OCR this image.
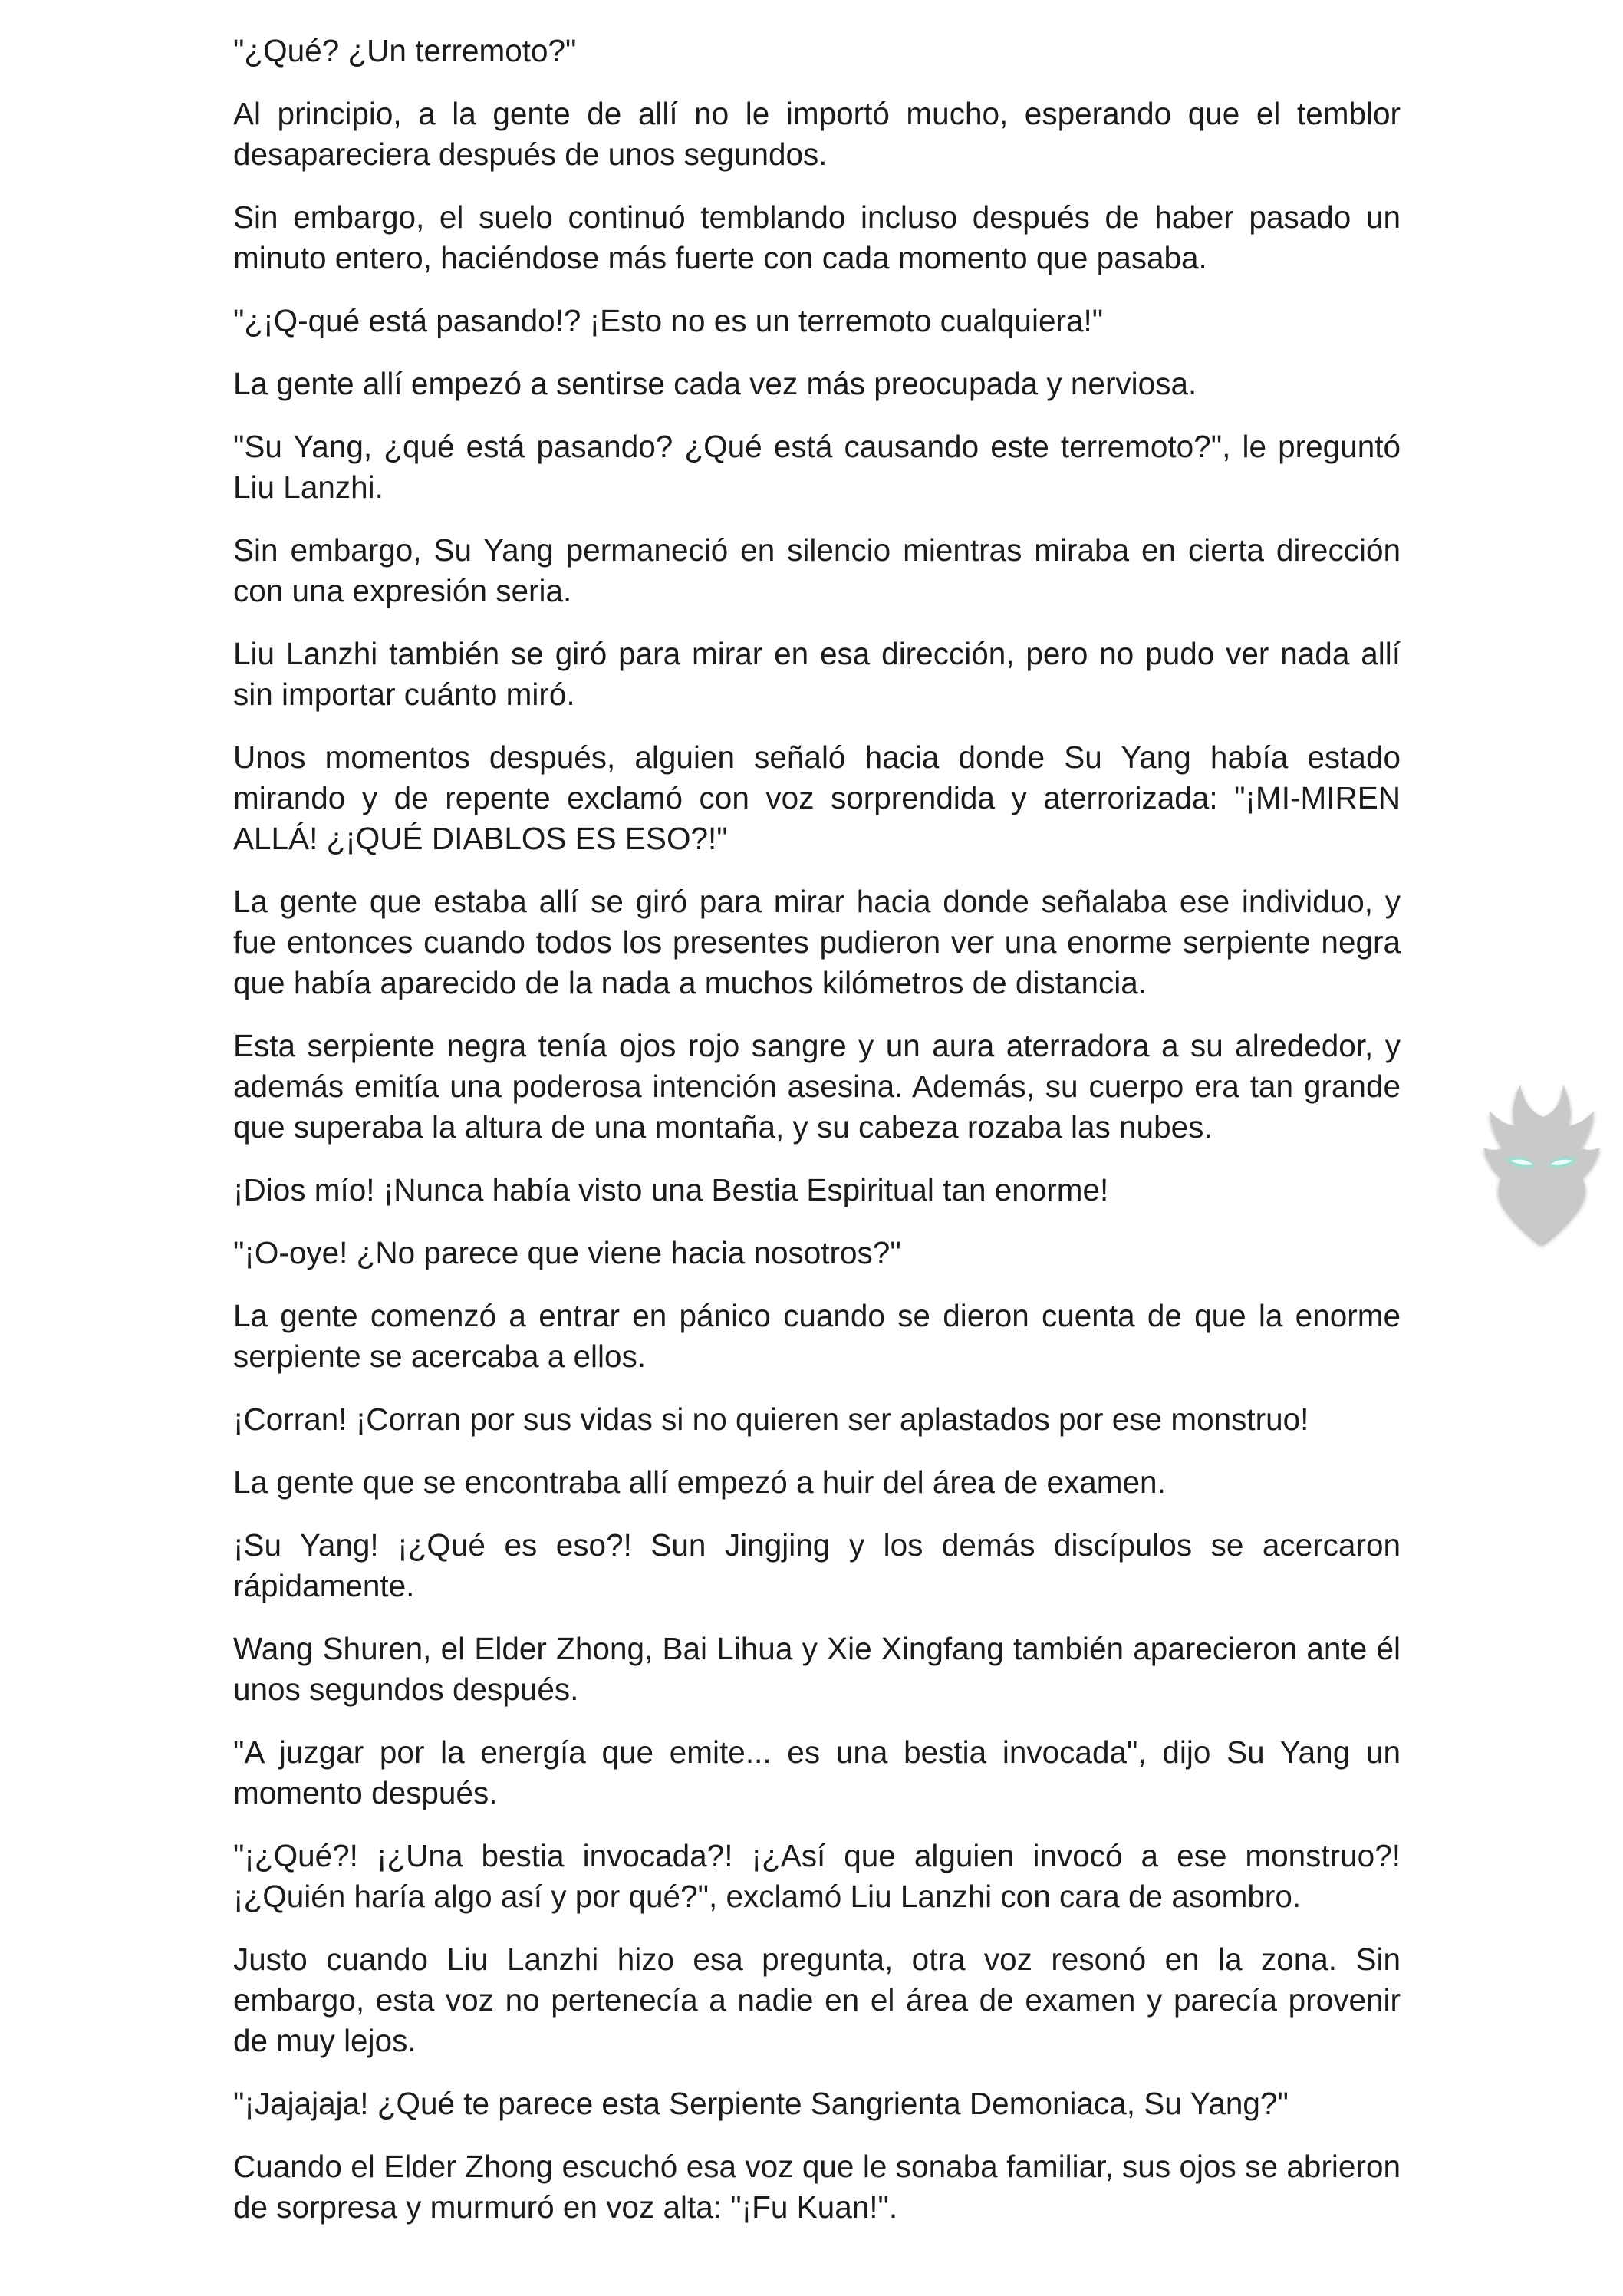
"¿Qué? ¿Un terremoto?"

Al principio, a la gente de allí no le importó mucho, esperando que el temblor desapareciera después de unos segundos.

Sin embargo, el suelo continuó temblando incluso después de haber pasado un minuto entero, haciéndose más fuerte con cada momento que pasaba.

"¿¡Q-qué está pasando!? ¡Esto no es un terremoto cualquiera!"

La gente allí empezó a sentirse cada vez más preocupada y nerviosa.

"Su Yang, ¿qué está pasando? ¿Qué está causando este terremoto?", le preguntó Liu Lanzhi.

Sin embargo, Su Yang permaneció en silencio mientras miraba en cierta dirección con una expresión seria.

Liu Lanzhi también se giró para mirar en esa dirección, pero no pudo ver nada allí sin importar cuánto miró.

Unos momentos después, alguien señaló hacia donde Su Yang había estado mirando y de repente exclamó con voz sorprendida y aterrorizada: "¡MI-MIREN ALLÁ! ¿¡QUÉ DIABLOS ES ESO?!"

La gente que estaba allí se giró para mirar hacia donde señalaba ese individuo, y fue entonces cuando todos los presentes pudieron ver una enorme serpiente negra que había aparecido de la nada a muchos kilómetros de distancia.

Esta serpiente negra tenía ojos rojo sangre y un aura aterradora a su alrededor, y además emitía una poderosa intención asesina. Además, su cuerpo era tan grande que superaba la altura de una montaña, y su cabeza rozaba las nubes.

¡Dios mío! ¡Nunca había visto una Bestia Espiritual tan enorme!

"¡O-oye! ¿No parece que viene hacia nosotros?"

La gente comenzó a entrar en pánico cuando se dieron cuenta de que la enorme serpiente se acercaba a ellos.

¡Corran! ¡Corran por sus vidas si no quieren ser aplastados por ese monstruo!

La gente que se encontraba allí empezó a huir del área de examen.

¡Su Yang! ¡¿Qué es eso?! Sun Jingjing y los demás discípulos se acercaron rápidamente.

Wang Shuren, el Elder Zhong, Bai Lihua y Xie Xingfang también aparecieron ante él unos segundos después.

"A juzgar por la energía que emite... es una bestia invocada", dijo Su Yang un momento después.

"¡¿Qué?! ¡¿Una bestia invocada?! ¡¿Así que alguien invocó a ese monstruo?! ¡¿Quién haría algo así y por qué?", exclamó Liu Lanzhi con cara de asombro.

Justo cuando Liu Lanzhi hizo esa pregunta, otra voz resonó en la zona. Sin embargo, esta voz no pertenecía a nadie en el área de examen y parecía provenir de muy lejos.

"¡Jajajaja! ¿Qué te parece esta Serpiente Sangrienta Demoniaca, Su Yang?"

Cuando el Elder Zhong escuchó esa voz que le sonaba familiar, sus ojos se abrieron de sorpresa y murmuró en voz alta: "¡Fu Kuan!".
